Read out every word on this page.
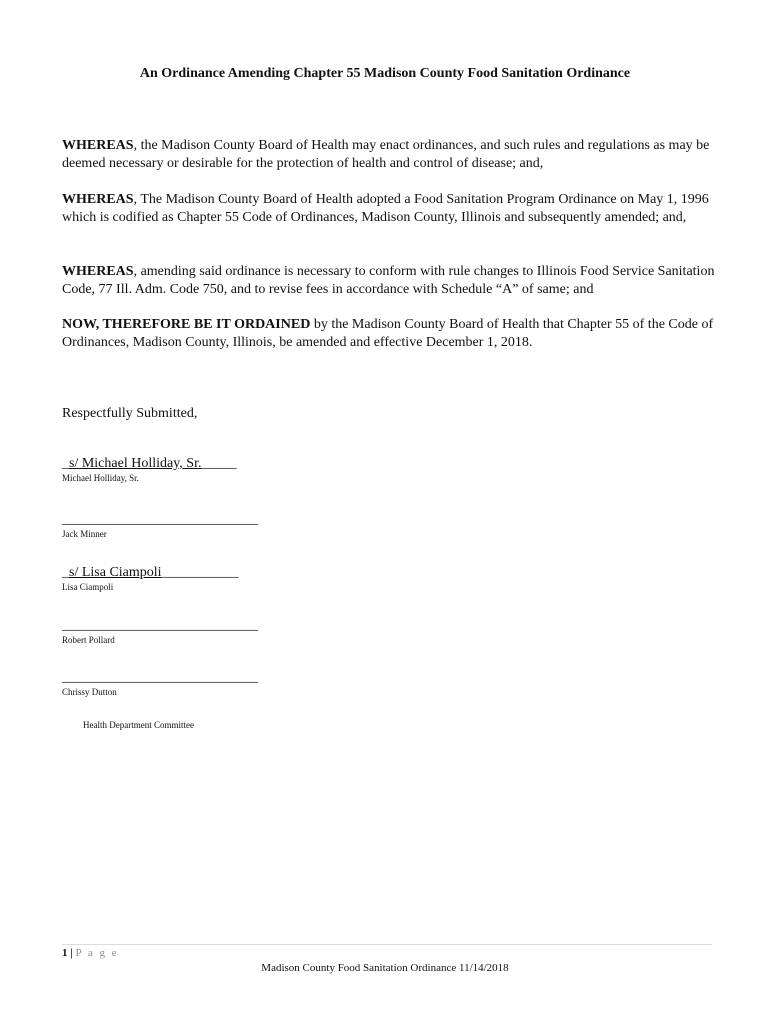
An Ordinance Amending Chapter 55 Madison County Food Sanitation Ordinance

WHEREAS, the Madison County Board of Health may enact ordinances, and such rules and regulations as may be deemed necessary or desirable for the protection of health and control of disease; and,

WHEREAS, The Madison County Board of Health adopted a Food Sanitation Program Ordinance on May 1, 1996 which is codified as Chapter 55 Code of Ordinances, Madison County, Illinois and subsequently amended; and,

WHEREAS, amending said ordinance is necessary to conform with rule changes to Illinois Food Service Sanitation Code, 77 Ill. Adm. Code 750, and to revise fees in accordance with Schedule “A” of same; and

NOW, THEREFORE BE IT ORDAINED by the Madison County Board of Health that Chapter 55 of the Code of Ordinances, Madison County, Illinois, be amended and effective December 1, 2018.

Respectfully Submitted,

_s/ Michael Holliday, Sr._____
Michael Holliday, Sr.
____________________________
Jack Minner
_s/ Lisa Ciampoli___________
Lisa Ciampoli
____________________________
Robert Pollard
____________________________
Chrissy Dutton
Health Department Committee
1 | P a g e
Madison County Food Sanitation Ordinance 11/14/2018
